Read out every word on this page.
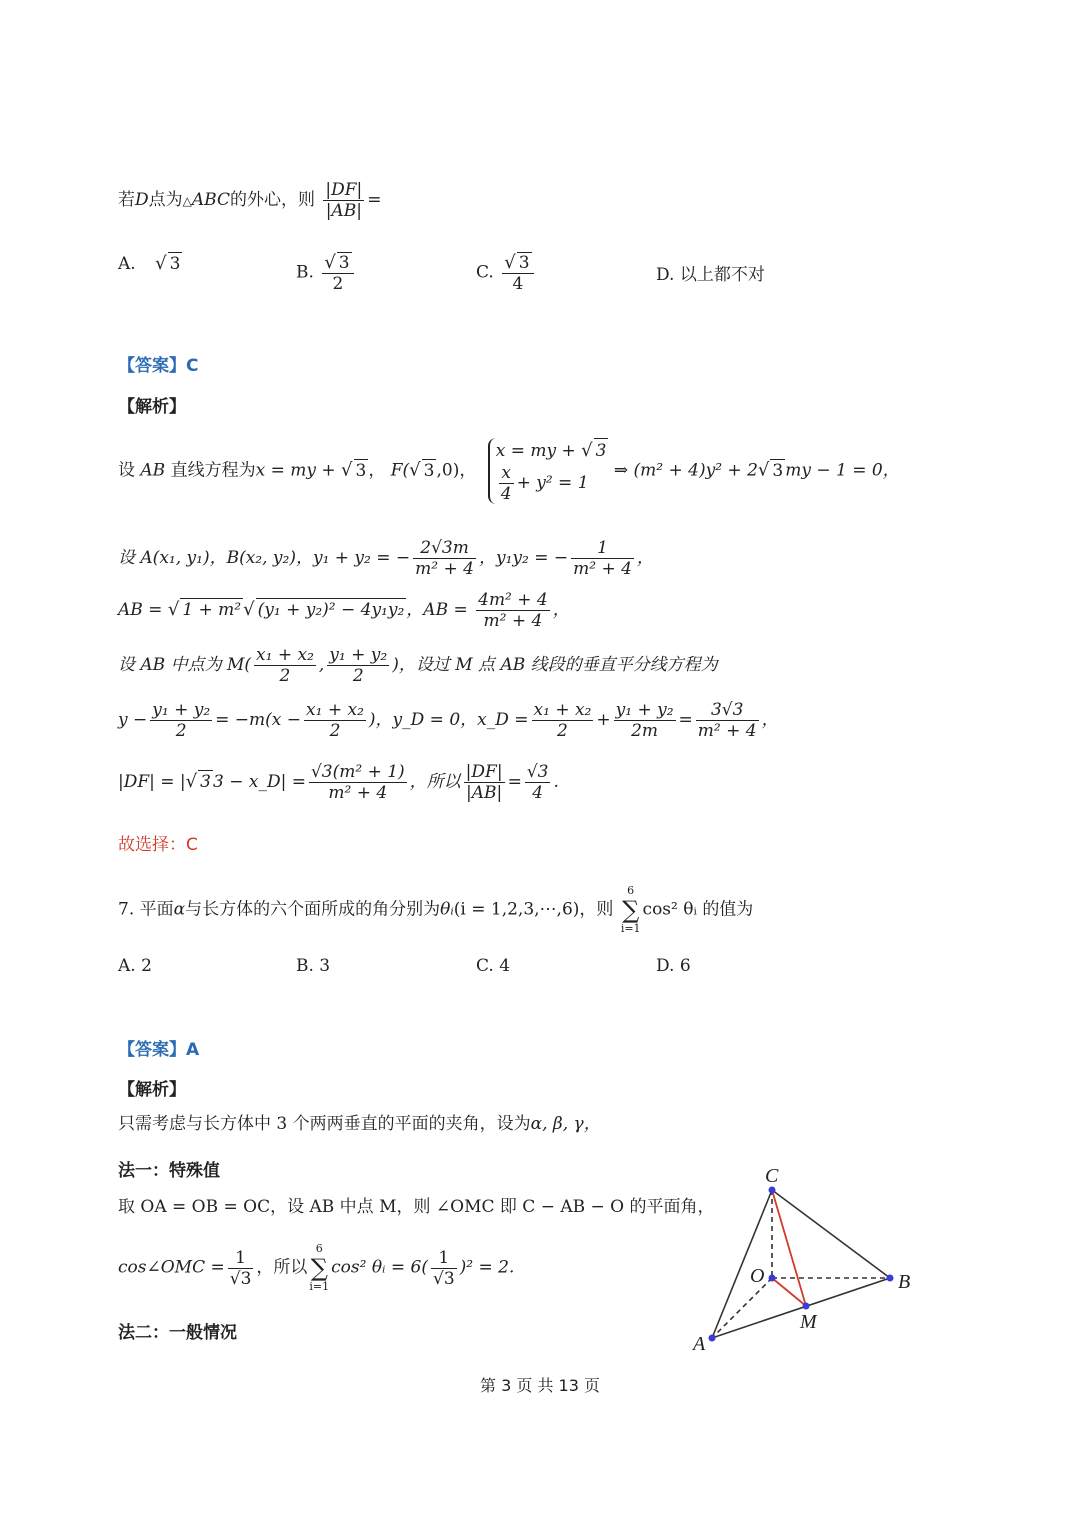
若D点为△ABC的外心，则 $\frac{|DF|}{|AB|}$ =
A. √ 3	B. $\frac{√ 3}{2}$	C. $\frac{√ 3}{4}$	D. 以上都不对
【答案】C
【解析】
设 AB 直线方程为x = my + √ 3 ， F(√ 3 ,0)，
x = my + √ 3
$\frac{x}{4} + y^2 = 1$
⇒ (m² + 4)y² + 2√ 3 my − 1 = 0，
设 A(x₁, y₁)，B(x₂, y₂)，y₁ + y₂ = − $\frac{2√3m}{\text{m² + 4}}$ ，y₁y₂ = − $\frac{1}{\text{m² + 4}}$ ，
AB = √ 1 + m² √ (y₁ + y₂)² − 4y₁y₂ ，AB = $\frac{\text{4m² + 4}}{\text{m² + 4}}$ ，
设 AB 中点为 $M( \frac{\text{x₁ + x₂}}{2}$ , $\frac{\text{y₁ + y₂}}{2}$ )，设过 M 点 AB 线段的垂直平分线方程为
$y - \frac{\text{y₁ + y₂}}{2} = -m(x - \frac{\text{x₁ + x₂}}{2}$ )，y_D = 0，x_D = $\frac{\text{x₁ + x₂}}{2} + \frac{\text{y₁ + y₂}}{2m} = \frac{3√3}{\text{m² + 4}}$ ，
|DF| = |√ 3 3 − x_D| = $\frac{\text{√3(m² + 1)}}{\text{m² + 4}}$ ，所以 $\frac{|DF|}{|AB|} = \frac{√3}{4}$ .
故选择：C
7. 平面α与长方体的六个面所成的角分别为θᵢ(i = 1,2,3,⋯,6)，则 6
∑
i=1cos² θᵢ 的值为
A. 2	B. 3	C. 4	D. 6
【答案】A
【解析】
只需考虑与长方体中 3 个两两垂直的平面的夹角，设为α, β, γ，
法一：特殊值
取 OA = OB = OC，设 AB 中点 M，则 ∠OMC 即 C − AB − O 的平面角，
cos∠OMC = $\frac{1}{√3}$ ，所以6
∑
i=1cos² θᵢ = $6( \frac{1}{√3} )^2 = 2$.
法二：一般情况
C
O	B
A
M
第 3 页 共 13 页
